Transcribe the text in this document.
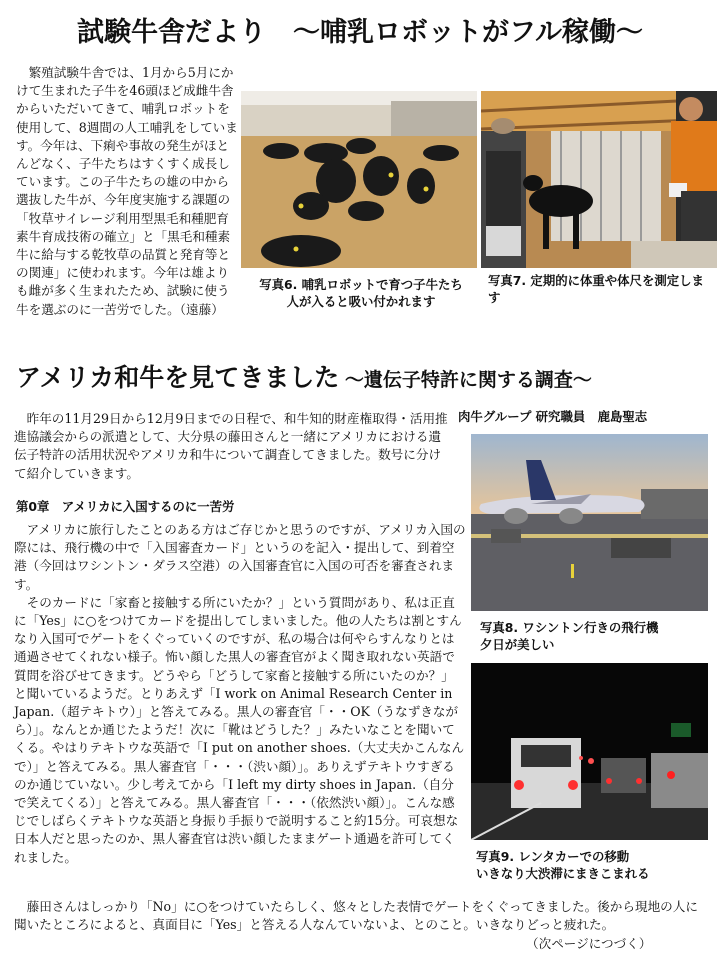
試験牛舎だより　～哺乳ロボットがフル稼働～

　繁殖試験牛舎では、1月から5月にかけて生まれた子牛を46頭ほど成雌牛舎からいただいてきて、哺乳ロボットを使用して、8週間の人工哺乳をしています。今年は、下痢や事故の発生がほとんどなく、子牛たちはすくすく成長しています。この子牛たちの雄の中から選抜した牛が、今年度実施する課題の「牧草サイレージ利用型黒毛和種肥育素牛育成技術の確立」と「黒毛和種素牛に給与する乾牧草の品質と発育等との関連」に使われます。今年は雄よりも雌が多く生まれたため、試験に使う牛を選ぶのに一苦労でした。（遠藤）

写真6. 哺乳ロボットで育つ子牛たち
人が入ると吸い付かれます
写真7. 定期的に体重や体尺を測定します
アメリカ和牛を見てきました ～遺伝子特許に関する調査～
肉牛グループ 研究職員　鹿島聖志

　昨年の11月29日から12月9日までの日程で、和牛知的財産権取得・活用推進協議会からの派遣として、大分県の藤田さんと一緒にアメリカにおける遺伝子特許の活用状況やアメリカ和牛について調査してきました。数号に分けて紹介していきます。

第0章　アメリカに入国するのに一苦労

アメリカに旅行したことのある方はご存じかと思うのですが、アメリカ入国の際には、飛行機の中で「入国審査カード」というのを記入・提出して、到着空港（今回はワシントン・ダラス空港）の入国審査官に入国の可否を審査されます。

そのカードに「家畜と接触する所にいたか？」という質問があり、私は正直に「Yes」に○をつけてカードを提出してしまいました。他の人たちは割とすんなり入国可でゲートをくぐっていくのですが、私の場合は何やらすんなりとは通過させてくれない様子。怖い顔した黒人の審査官がよく聞き取れない英語で質問を浴びせてきます。どうやら「どうして家畜と接触する所にいたのか？」と聞いているようだ。とりあえず「I work on Animal Research Center in Japan.（超テキトウ）」と答えてみる。黒人の審査官「・・OK（うなずきながら）」。なんとか通じたようだ！次に「靴はどうした？」みたいなことを聞いてくる。やはりテキトウな英語で「I put on another shoes.（大丈夫かこんなんで）」と答えてみる。黒人審査官「・・・（渋い顔）」。ありえずテキトウすぎるのか通じていない。少し考えてから「I left my dirty shoes in Japan.（自分で笑えてくる）」と答えてみる。黒人審査官「・・・（依然渋い顔）」。こんな感じでしばらくテキトウな英語と身振り手振りで説明すること約15分。可哀想な日本人だと思ったのか、黒人審査官は渋い顔したままゲート通過を許可してくれました。

写真8. ワシントン行きの飛行機
夕日が美しい
写真9. レンタカーでの移動
いきなり大渋滞にまきこまれる

藤田さんはしっかり「No」に○をつけていたらしく、悠々とした表情でゲートをくぐってきました。後から現地の人に聞いたところによると、真面目に「Yes」と答える人なんていないよ、とのこと。いきなりどっと疲れた。

（次ページにつづく）
